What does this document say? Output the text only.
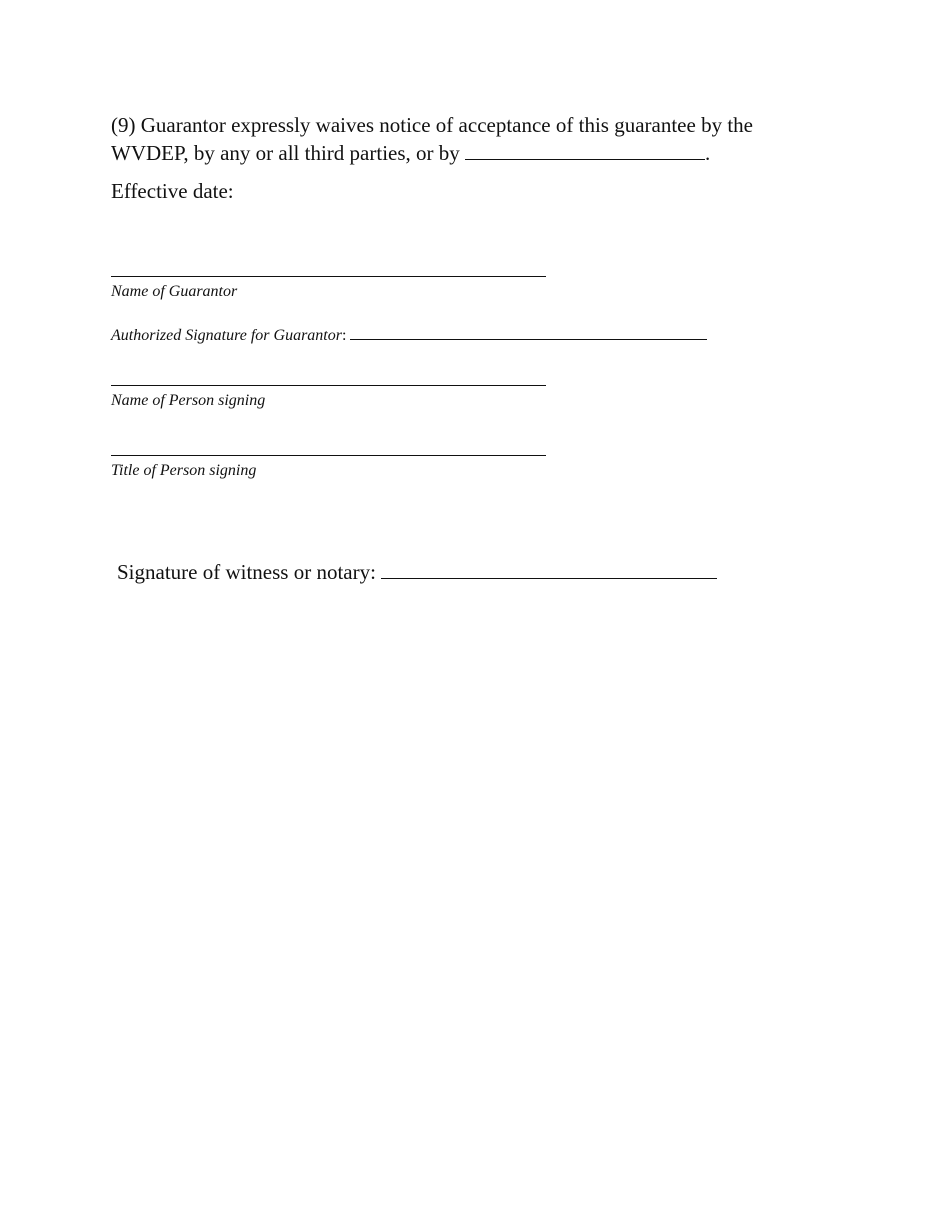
(9) Guarantor expressly waives notice of acceptance of this guarantee by the

WVDEP, by any or all third parties, or by	.

Effective date:

Name of Guarantor
Authorized Signature for Guarantor:
Name of Person signing
Title of Person signing
Signature of witness or notary:
